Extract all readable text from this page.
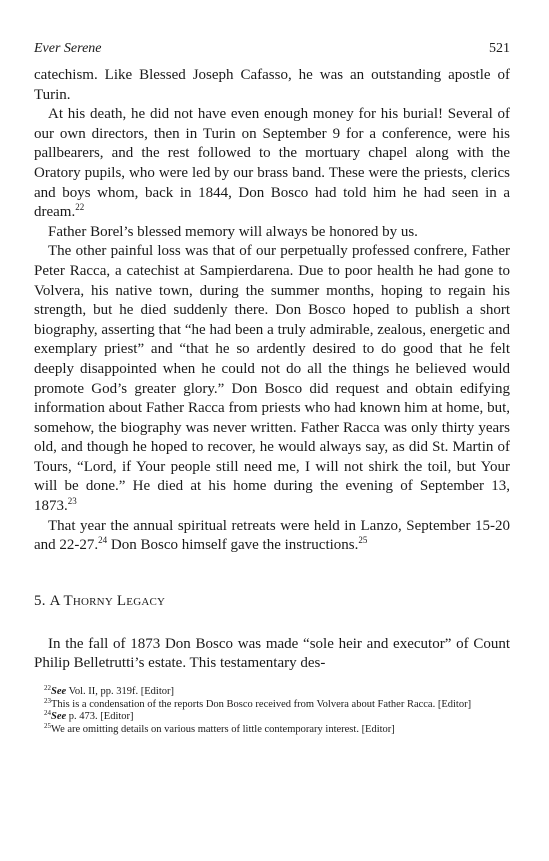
Ever Serene	521

catechism. Like Blessed Joseph Cafasso, he was an outstanding apostle of Turin.

At his death, he did not have even enough money for his burial! Several of our own directors, then in Turin on September 9 for a conference, were his pallbearers, and the rest followed to the mortuary chapel along with the Oratory pupils, who were led by our brass band. These were the priests, clerics and boys whom, back in 1844, Don Bosco had told him he had seen in a dream.$^{22}$

Father Borel’s blessed memory will always be honored by us.

The other painful loss was that of our perpetually professed confrere, Father Peter Racca, a catechist at Sampierdarena. Due to poor health he had gone to Volvera, his native town, during the summer months, hoping to regain his strength, but he died suddenly there. Don Bosco hoped to publish a short biography, asserting that “he had been a truly admirable, zealous, energetic and exemplary priest” and “that he so ardently desired to do good that he felt deeply disappointed when he could not do all the things he believed would promote God’s greater glory.” Don Bosco did request and obtain edifying information about Father Racca from priests who had known him at home, but, somehow, the biography was never written. Father Racca was only thirty years old, and though he hoped to recover, he would always say, as did St. Martin of Tours, “Lord, if Your people still need me, I will not shirk the toil, but Your will be done.” He died at his home during the evening of September 13, 1873.23

That year the annual spiritual retreats were held in Lanzo, September 15-20 and 22-27.24 Don Bosco himself gave the instructions.$^{25}$

5. A Thorny Legacy

In the fall of 1873 Don Bosco was made “sole heir and executor” of Count Philip Belletrutti’s estate. This testamentary des-

$^{22}$See Vol. II, pp. 319f. [Editor]
$^{23}$This is a condensation of the reports Don Bosco received from Volvera about Father Racca. [Editor]
$^{24}$See p. 473. [Editor]
$^{25}$We are omitting details on various matters of little contemporary interest. [Editor]
